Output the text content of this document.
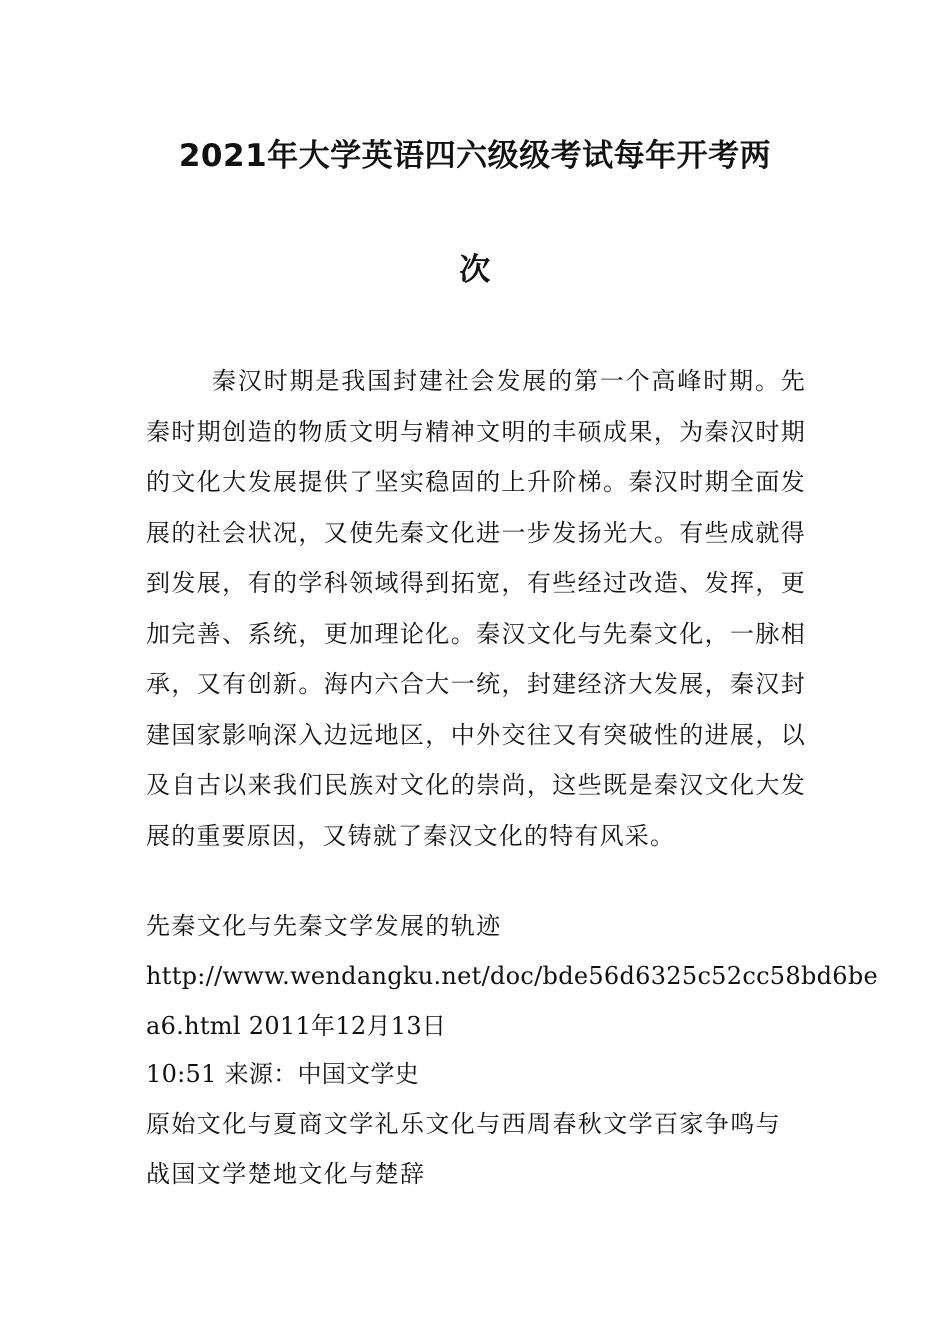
2021年大学英语四六级级考试每年开考两
次

秦汉时期是我国封建社会发展的第一个高峰时期。先秦时期创造的物质文明与精神文明的丰硕成果，为秦汉时期的文化大发展提供了坚实稳固的上升阶梯。秦汉时期全面发展的社会状况，又使先秦文化进一步发扬光大。有些成就得到发展，有的学科领域得到拓宽，有些经过改造、发挥，更加完善、系统，更加理论化。秦汉文化与先秦文化，一脉相承，又有创新。海内六合大一统，封建经济大发展，秦汉封建国家影响深入边远地区，中外交往又有突破性的进展，以及自古以来我们民族对文化的崇尚，这些既是秦汉文化大发展的重要原因，又铸就了秦汉文化的特有风采。

先秦文化与先秦文学发展的轨迹
http://www.wendangku.net/doc/bde56d6325c52cc58bd6be
a6.html 2011年12月13日
10:51 来源：中国文学史
原始文化与夏商文学礼乐文化与西周春秋文学百家争鸣与
战国文学楚地文化与楚辞
